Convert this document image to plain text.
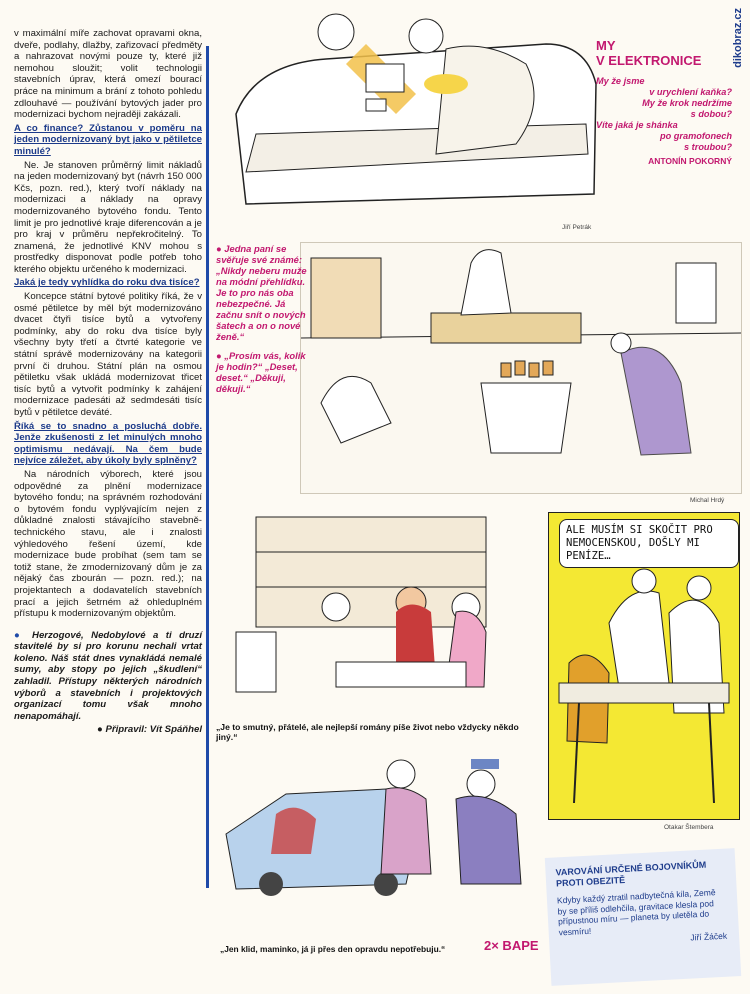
dikobraz.cz

v maximální míře zachovat opravami okna, dveře, podlahy, dlažby, zařizovací předměty a nahrazovat novými pouze ty, které již nemohou sloužit; volit technologii stavebních úprav, která omezí bourací práce na minimum a brání z tohoto pohledu zdlouhavé — používání bytových jader pro modernizaci bychom nejraději zakázali.

A co finance? Zůstanou v poměru na jeden modernizovaný byt jako v pětiletce minulé?

Ne. Je stanoven průměrný limit nákladů na jeden modernizovaný byt (návrh 150 000 Kčs, pozn. red.), který tvoří náklady na modernizaci a náklady na opravy modernizovaného bytového fondu. Tento limit je pro jednotlivé kraje diferencován a je pro kraj v průměru nepřekročitelný. To znamená, že jednotlivé KNV mohou s prostředky disponovat podle potřeb toho kterého objektu určeného k modernizaci.

Jaká je tedy vyhlídka do roku dva tisíce?

Koncepce státní bytové politiky říká, že v osmé pětiletce by měl být modernizováno dvacet čtyři tisíce bytů a vytvořeny podmínky, aby do roku dva tisíce byly všechny byty třetí a čtvrté kategorie ve státní správě modernizovány na kategorii první či druhou. Státní plán na osmou pětiletku však ukládá modernizovat třicet tisíc bytů a vytvořit podmínky k zahájení modernizace padesáti až sedmdesáti tisíc bytů v pětiletce deváté.

Říká se to snadno a posluchá dobře. Jenže zkušenosti z let minulých mnoho optimismu nedávají. Na čem bude nejvíce záležet, aby úkoly byly splněny?

Na národních výborech, které jsou odpovědné za plnění modernizace bytového fondu; na správném rozhodování o bytovém fondu vyplývajícím nejen z důkladné znalosti stávajícího stavebně-technického stavu, ale i znalosti výhledového řešení území, kde modernizace bude probíhat (sem tam se totiž stane, že zmodernizovaný dům je za nějaký čas zbourán — pozn. red.); na projektantech a dodavatelích stavebních prací a jejich šetrném až ohleduplném přístupu k modernizovaným objektům.

● Herzogové, Nedobylové a ti druzí stavitelé by si pro korunu nechali vrtat koleno. Náš stát dnes vynakládá nemalé sumy, aby stopy po jejich „škudlení“ zahladil. Přístupy některých národních výborů a stavebních i projektových organizací tomu však mnoho nenapomáhají.

● Připravil: Vít Spáňhel
Jiří Petrák
MY
V ELEKTRONICE
My že jsme
v urychlení kaňka?
My že krok nedržíme
s dobou?
Víte jaká je shánka
po gramofonech
s troubou?
ANTONÍN POKORNÝ
Michal Hrdý
● Jedna paní se svěřuje své známé:
„Nikdy neberu muže na módní přehlídku. Je to pro nás oba nebezpečné. Já začnu snít o nových šatech a on o nové ženě.“
● „Prosím vás, kolik je hodin?“ „Deset, deset.“ „Děkuji, děkuji.“
„Je to smutný, přátelé, ale nejlepší romány píše život nebo vždycky někdo jiný.“
ALE MUSÍM SI SKOČIT PRO NEMOCENSKOU, DOŠLY MI PENÍZE…
Otakar Štembera
„Jen klid, maminko, já ji přes den opravdu nepotřebuju.“	2× BAPE
VAROVÁNÍ URČENÉ BOJOVNÍKŮM PROTI OBEZITĚ
Kdyby každý ztratil nadbytečná kila, Země by se příliš odlehčila, gravitace klesla pod přípustnou míru — planeta by uletěla do vesmíru!	Jiří Žáček
